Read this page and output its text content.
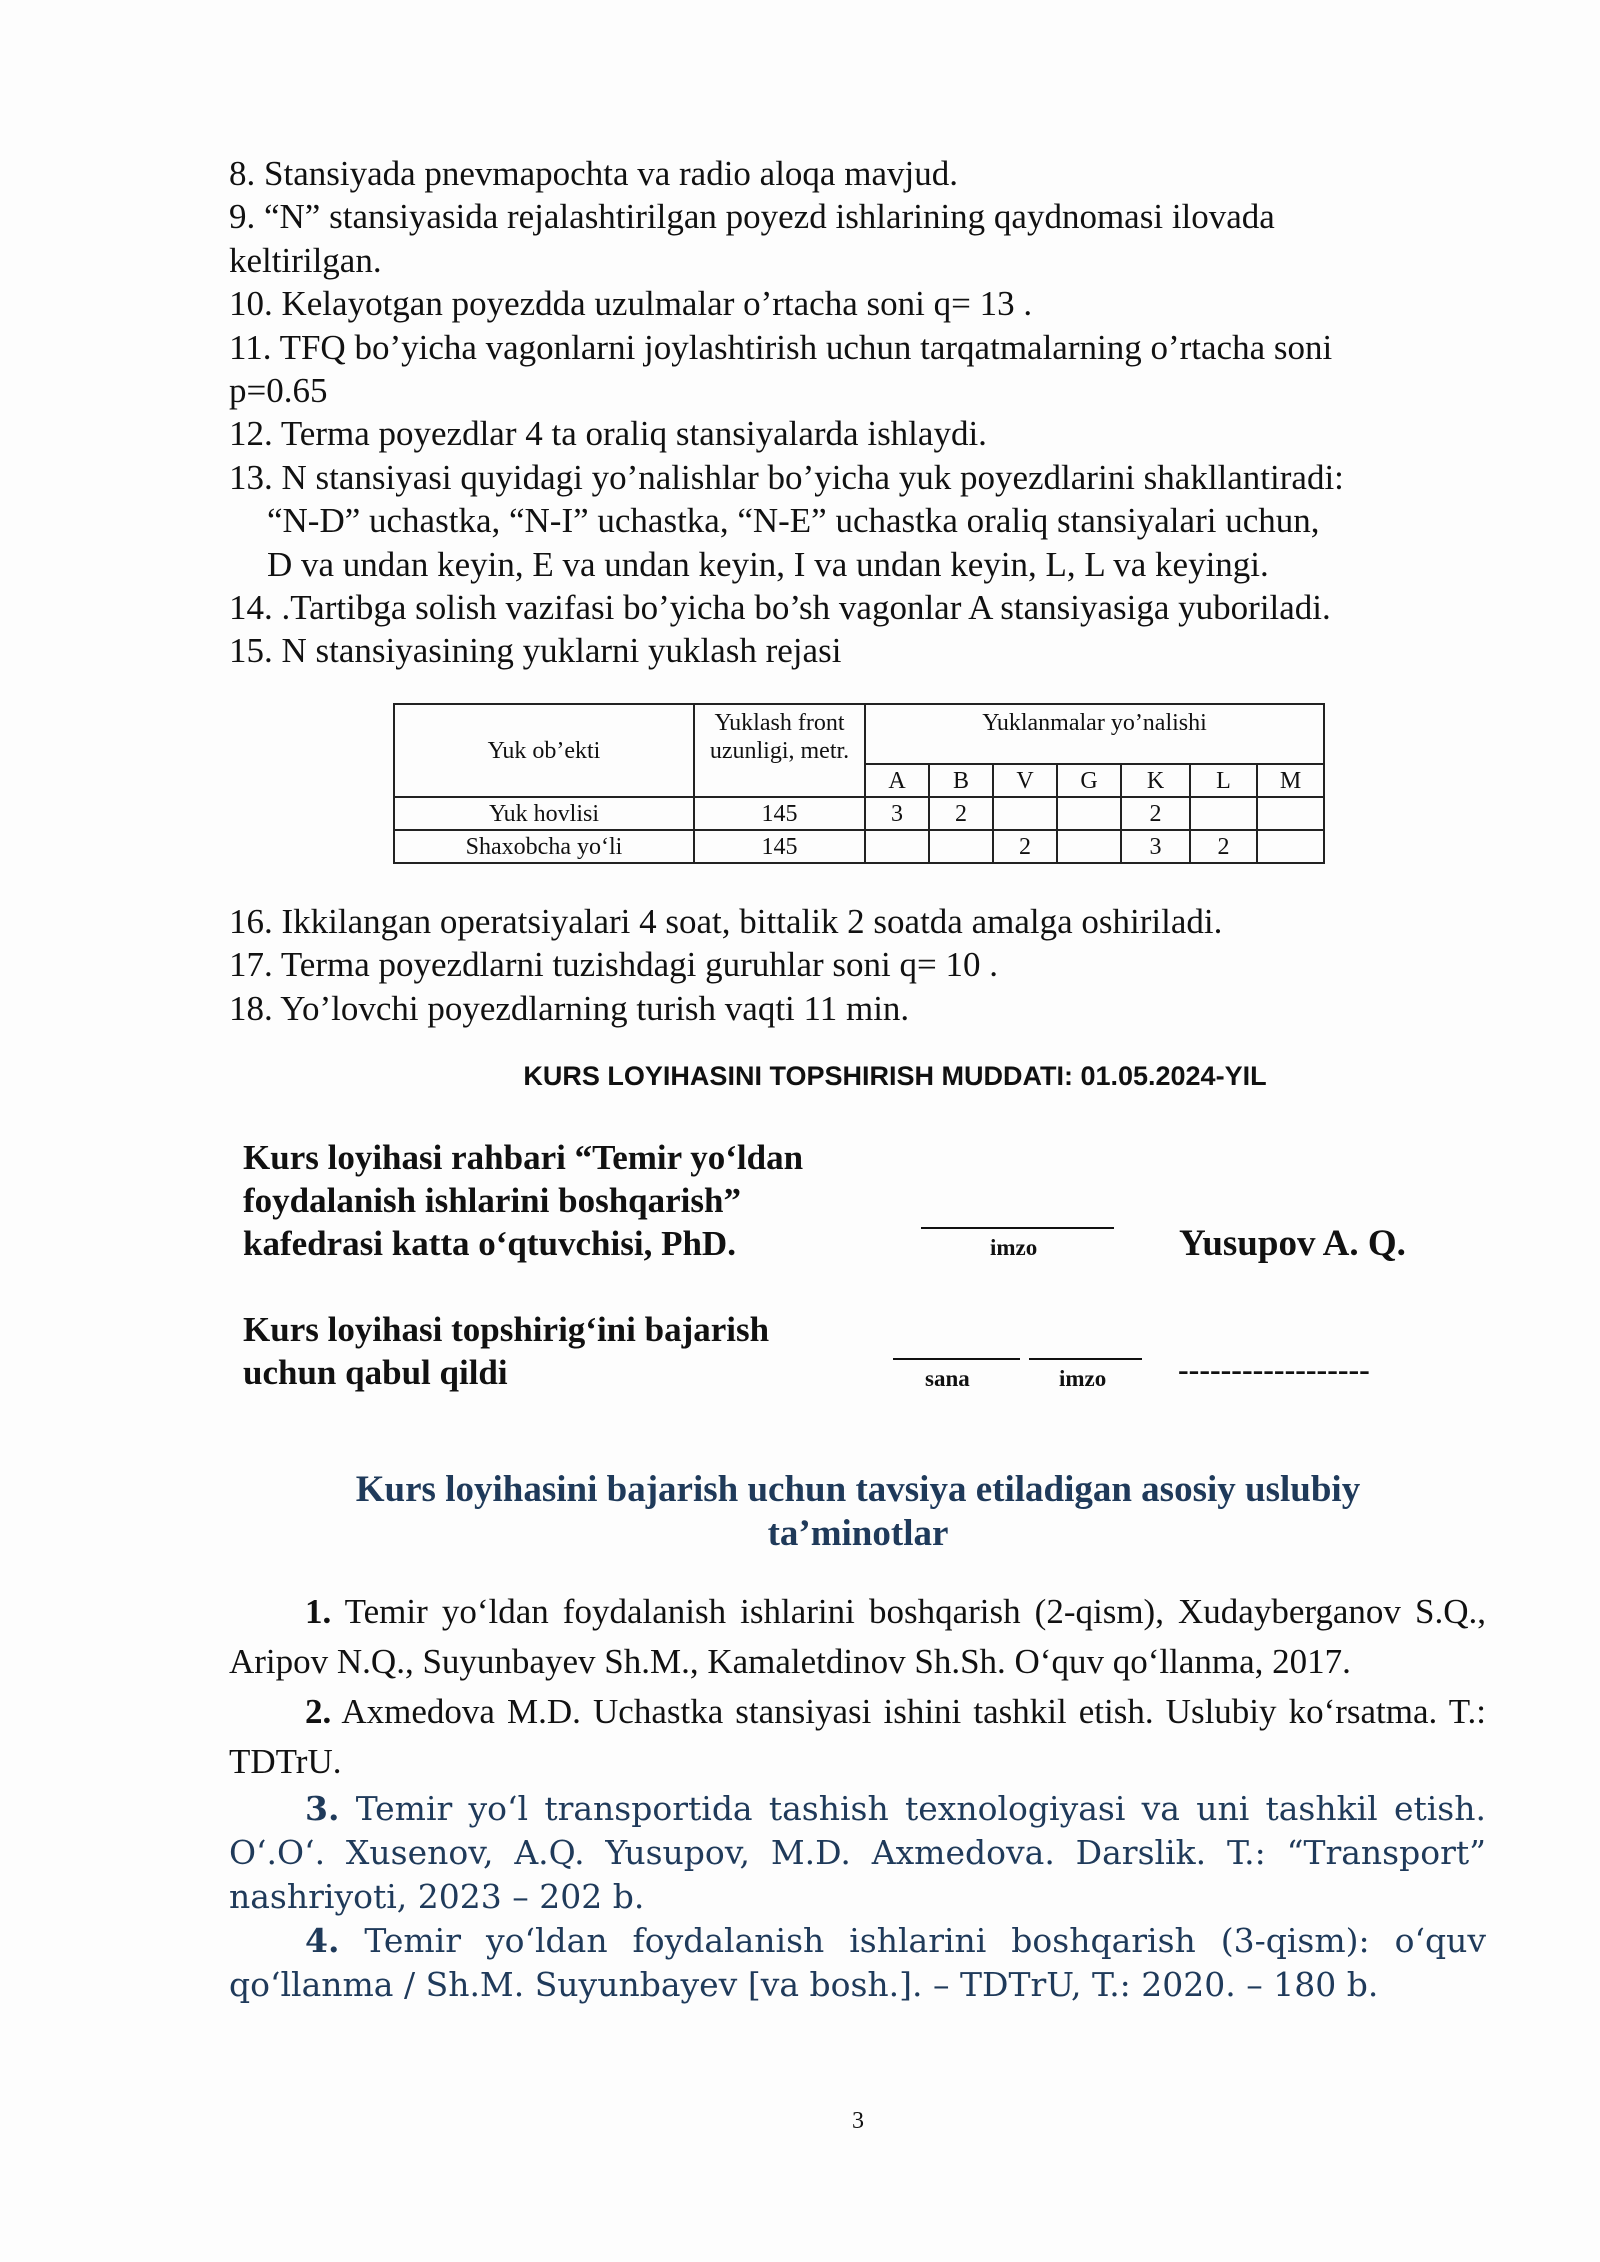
8. Stansiyada pnevmapochta va radio aloqa mavjud.

9. “N” stansiyasida rejalashtirilgan poyezd ishlarining qaydnomasi ilovada

keltirilgan.

10. Kelayotgan poyezdda uzulmalar o’rtacha soni q= 13 .

11. TFQ bo’yicha vagonlarni joylashtirish uchun tarqatmalarning o’rtacha soni

p=0.65

12. Terma poyezdlar 4 ta oraliq stansiyalarda ishlaydi.

13. N stansiyasi quyidagi yo’nalishlar bo’yicha yuk poyezdlarini shakllantiradi:

“N-D” uchastka, “N-I” uchastka, “N-E” uchastka oraliq stansiyalari uchun,

D va undan keyin, E va undan keyin, I va undan keyin, L, L va keyingi.

14. .Tartibga solish vazifasi bo’yicha bo’sh vagonlar A stansiyasiga yuboriladi.

15. N stansiyasining yuklarni yuklash rejasi

Yuk ob’ekti	Yuklash front uzunligi, metr.	Yuklanmalar yo’nalishi						
		A	B	V	G	K	L	M
Yuk hovlisi	145	3	2			2		
Shaxobcha yo‘li	145			2		3	2	

16. Ikkilangan operatsiyalari 4 soat, bittalik 2 soatda amalga oshiriladi.

17. Terma poyezdlarni tuzishdagi guruhlar soni q= 10 .

18. Yo’lovchi poyezdlarning turish vaqti 11 min.

KURS LOYIHASINI TOPSHIRISH MUDDATI: 01.05.2024-YIL
Kurs loyihasi rahbari “Temir yo‘ldan
foydalanish ishlarini boshqarish”
kafedrasi katta o‘qtuvchisi, PhD.	imzo	Yusupov A. Q.
Kurs loyihasi topshirig‘ini bajarish
uchun qabul qildi	sana	imzo ------------------
Kurs loyihasini bajarish uchun tavsiya etiladigan asosiy uslubiy
ta’minotlar

1. Temir yo‘ldan foydalanish ishlarini boshqarish (2-qism), Xudayberganov S.Q., Aripov N.Q., Suyunbayev Sh.M., Kamaletdinov Sh.Sh. O‘quv qo‘llanma, 2017.

2. Axmedova M.D. Uchastka stansiyasi ishini tashkil etish. Uslubiy ko‘rsatma. T.: TDTrU.

3. Temir yo‘l transportida tashish texnologiyasi va uni tashkil etish. O‘.O‘. Xusenov, A.Q. Yusupov, M.D. Axmedova. Darslik. T.: “Transport” nashriyoti, 2023 – 202 b.

4. Temir yo‘ldan foydalanish ishlarini boshqarish (3-qism): o‘quv qo‘llanma / Sh.M. Suyunbayev [va bosh.]. – TDTrU, T.: 2020. – 180 b.

3
